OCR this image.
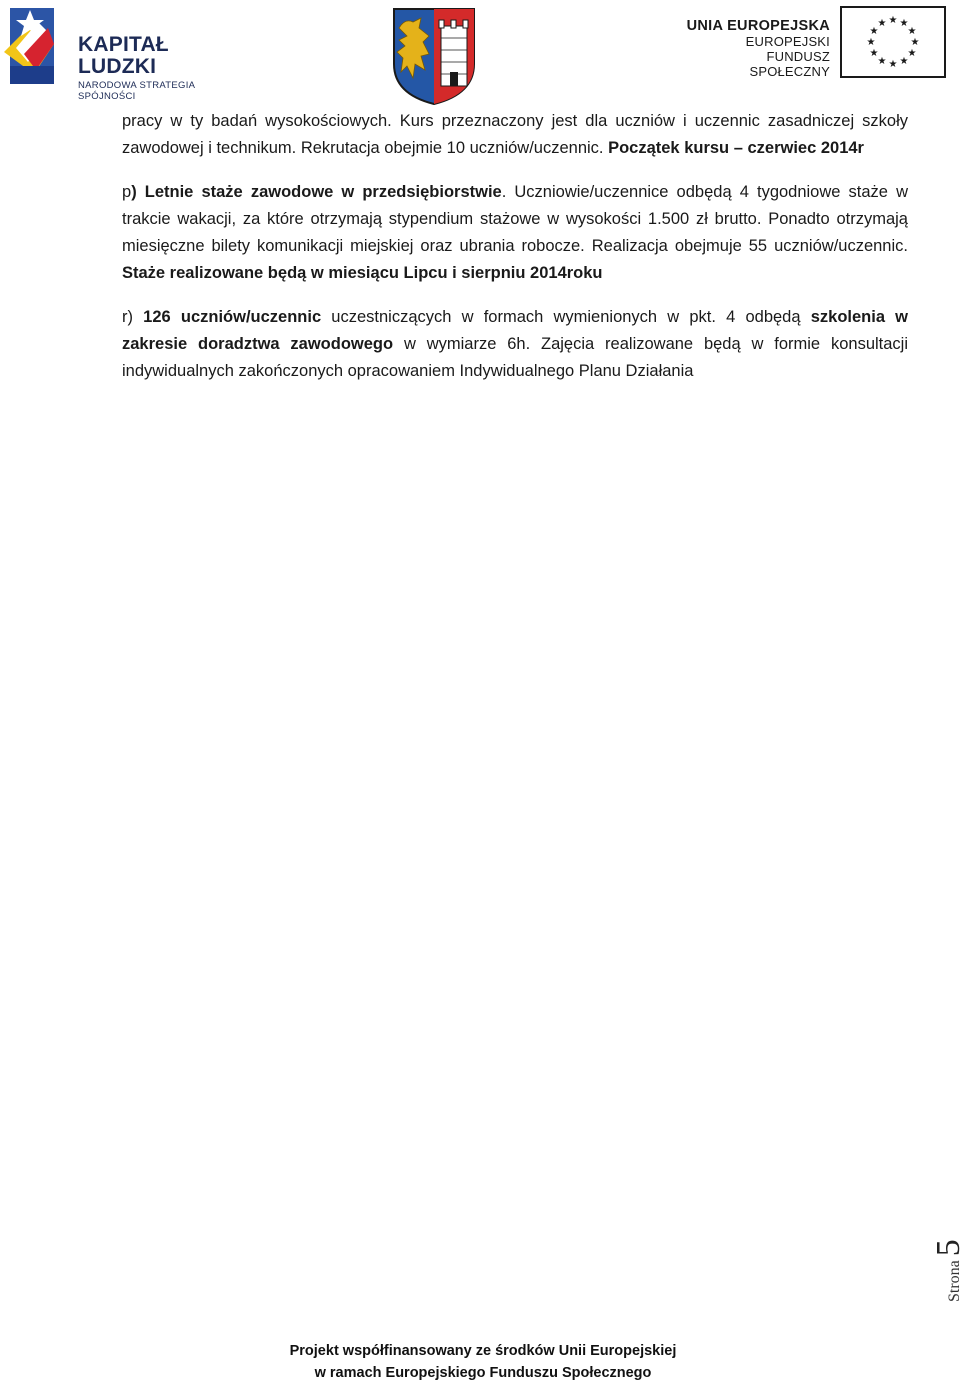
KAPITAŁ LUDZKI
NARODOWA STRATEGIA SPÓJNOŚCI
UNIA EUROPEJSKA
EUROPEJSKI
FUNDUSZ SPOŁECZNY
★ ★
★
★
★
★
★
★
★
★
★
★

pracy w ty badań wysokościowych. Kurs przeznaczony jest dla uczniów i uczennic zasadniczej szkoły zawodowej i technikum. Rekrutacja obejmie 10 uczniów/uczennic. Początek kursu – czerwiec 2014r

p) Letnie staże zawodowe w przedsiębiorstwie. Uczniowie/uczennice odbędą 4 tygodniowe staże w trakcie wakacji, za które otrzymają stypendium stażowe w wysokości 1.500 zł brutto. Ponadto otrzymają miesięczne bilety komunikacji miejskiej oraz ubrania robocze. Realizacja obejmuje 55 uczniów/uczennic. Staże realizowane będą w miesiącu Lipcu i sierpniu 2014roku

r) 126 uczniów/uczennic uczestniczących w formach wymienionych w pkt. 4 odbędą szkolenia w zakresie doradztwa zawodowego w wymiarze 6h. Zajęcia realizowane będą w formie konsultacji indywidualnych zakończonych opracowaniem Indywidualnego Planu Działania

Strona5
Projekt współfinansowany ze środków Unii Europejskiej
w ramach Europejskiego Funduszu Społecznego
